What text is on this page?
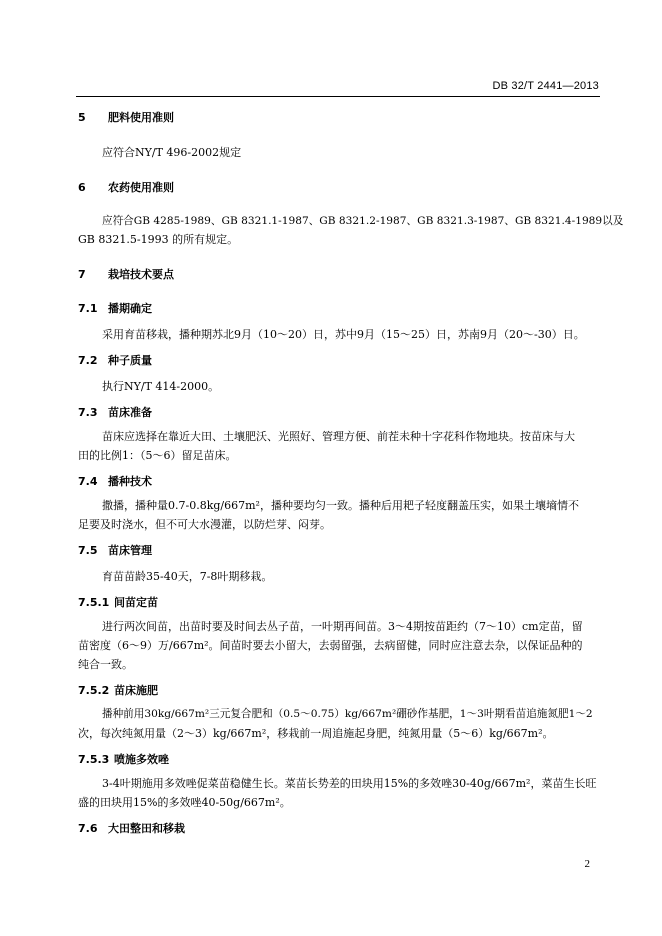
DB 32/T 2441—2013
5 肥料使用准则
应符合NY/T 496-2002规定
6 农药使用准则
应符合GB 4285-1989、GB 8321.1-1987、GB 8321.2-1987、GB 8321.3-1987、GB 8321.4-1989以及
GB 8321.5-1993 的所有规定。
7 栽培技术要点
7.1 播期确定
采用育苗移栽，播种期苏北9月（10～20）日，苏中9月（15～25）日，苏南9月（20～-30）日。
7.2 种子质量
执行NY/T 414-2000。
7.3 苗床准备
苗床应选择在靠近大田、土壤肥沃、光照好、管理方便、前茬未种十字花科作物地块。按苗床与大
田的比例1：（5～6）留足苗床。
7.4 播种技术
撒播，播种量0.7-0.8kg/667m²，播种要均匀一致。播种后用耙子轻度翻盖压实，如果土壤墒情不
足要及时浇水，但不可大水漫灌，以防烂芽、闷芽。
7.5 苗床管理
育苗苗龄35-40天，7-8叶期移栽。
7.5.1 间苗定苗
进行两次间苗，出苗时要及时间去丛子苗，一叶期再间苗。3～4期按苗距约（7～10）cm定苗，留
苗密度（6～9）万/667m²。间苗时要去小留大，去弱留强，去病留健，同时应注意去杂，以保证品种的
纯合一致。
7.5.2 苗床施肥
播种前用30kg/667m²三元复合肥和（0.5～0.75）kg/667m²硼砂作基肥，1～3叶期看苗追施氮肥1～2
次，每次纯氮用量（2～3）kg/667m²，移栽前一周追施起身肥，纯氮用量（5～6）kg/667m²。
7.5.3 喷施多效唑
3-4叶期施用多效唑促菜苗稳健生长。菜苗长势差的田块用15%的多效唑30-40g/667m²，菜苗生长旺
盛的田块用15%的多效唑40-50g/667m²。
7.6 大田整田和移栽
2
